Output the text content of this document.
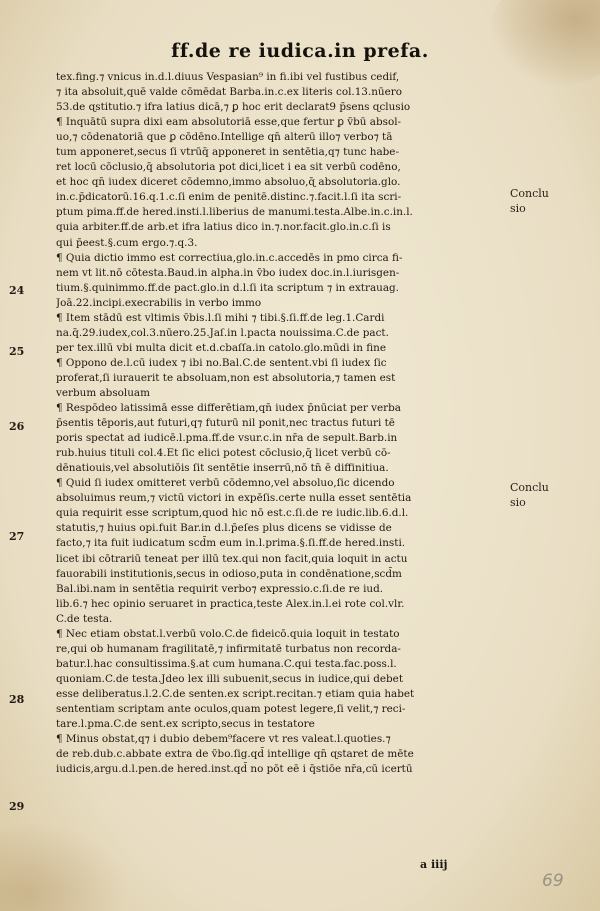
ff.de re iudica.in prefa.
tex.fing.⁊ vnicus in.d.l.diuus Vespasian⁹ in fi.ibi vel fustibus cedif,
⁊ ita absoluit,quē valde cōmēdat Barba.in.c.ex literis col.13.nūero
53.de ɋstitutio.⁊ ifra latius dicā,⁊ ꝑ hoc erit declarat9 p̄sens ɋclusio
¶ Inquātū supra dixi eam absolutoriā esse,que fertur ꝑ v̄bū absol-
uo,⁊ cōdenatoriā que ꝑ cōdēno.Intellige qn̄ alterū illo⁊ verbo⁊ tā
tum apponeret,secus ſi vtrūq̄ apponeret in sentētia,q⁊ tunc habe-
ret locū cōclusio,q̄ absolutoria pot dici,licet i ea sit verbū codēno,
et hoc qn̄ iudex diceret cōdemno,immo absoluo,ɋ̄ absolutoria.glo.
in.c.p̄dicatorū.16.q.1.c.ſi enim de penitē.distinc.⁊.facit.l.ſi ita scri-
ptum pima.ff.de hered.insti.l.liberius de manumi.testa.Albe.in.c.in.l.
quia arbiter.ff.de arb.et ifra latius dico in.⁊.nor.facit.glo.in.c.ſi is
qui p̄eest.§.cum ergo.⁊.q.3.
¶ Quia dictio immo est correctiua,glo.in.c.accedēs in pmo circa fi-
nem vt lit.nō cōtesta.Baud.in alpha.in v̄bo iudex doc.in.l.iurisgen-
tium.§.quinimmo.ff.de pact.glo.in d.l.ſi ita scriptum ⁊ in extrauag.
Joā.22.incipi.execrabilis in verbo immo
¶ Item stādū est vltimis v̄bis.l.ſi mihi ⁊ tibi.§.ſi.ff.de leg.1.Cardi
na.q̄.29.iudex,col.3.nūero.25.Jaſ.in l.pacta nouissima.C.de pact.
per tex.illū vbi multa dicit et.d.cbaſſa.in catolo.glo.mūdi in fine
¶ Oppono de.l.cū iudex ⁊ ibi no.Bal.C.de sentent.vbi ſi iudex ſic
proferat,ſi iurauerit te absoluam,non est absolutoria,⁊ tamen est
verbum absoluam
¶ Respōdeo latissimā esse differētiam,qn̄ iudex p̄nūciat per verba
p̄sentis tēporis,aut futuri,q⁊ futurū nil ponit,nec tractus futuri tē
poris spectat ad iudicē.l.pma.ff.de vsur.c.in nr̄a de sepult.Barb.in
rub.huius tituli col.4.Et ſic elici potest cōclusio,q̄ licet verbū cō-
dēnatiouis,vel absolutiōis ſit sentētie inserrū,nō tn̄ ē diffinitiua.
¶ Quid ſi iudex omitteret verbū cōdemno,vel absoluo,ſic dicendo
absoluimus reum,⁊ victū victori in expēſis.certe nulla esset sentētia
quia requirit esse scriptum,quod hic nō est.c.ſi.de re iudic.lib.6.d.l.
statutis,⁊ huius opi.fuit Bar.in d.l.p̄eſes plus dicens se vidisse de
facto,⁊ ita fuit iudicatum scd̄m eum in.l.prima.§.ſi.ff.de hered.insti.
licet ibi cōtrariū teneat per illū tex.qui non facit,quia loquit in actu
fauorabili institutionis,secus in odioso,puta in condēnatione,scd̄m
Bal.ibi.nam in sentētia requirit verbo⁊ expressio.c.ſi.de re iud.
lib.6.⁊ hec opinio seruaret in practica,teste Alex.in.l.ei rote col.vlr.
C.de testa.
¶ Nec etiam obstat.l.verbū volo.C.de fideicō.quia loquit in testato
re,qui ob humanam fragilitatē,⁊ infirmitatē turbatus non recorda-
batur.l.hac consultissima.§.at cum humana.C.qui testa.fac.poss.l.
quoniam.C.de testa.Jdeo lex illi subuenit,secus in iudice,qui debet
esse deliberatus.l.2.C.de senten.ex script.recitan.⁊ etiam quia habet
sententiam scriptam ante oculos,quam potest legere,ſi velit,⁊ reci-
tare.l.pma.C.de sent.ex scripto,secus in testatore
¶ Minus obstat,q⁊ i dubio debem⁹facere vt res valeat.l.quoties.⁊
de reb.dub.c.abbate extra de v̄bo.ſig.qd̄ intellige qn̄ ɋstaret de mēte
iudicis,argu.d.l.pen.de hered.inst.qd̄ no pōt eē i q̄stiōe nr̄a,cū icertū
24
25
26
27
28
29
Conclu sio
Conclu sio
a iiij
69
